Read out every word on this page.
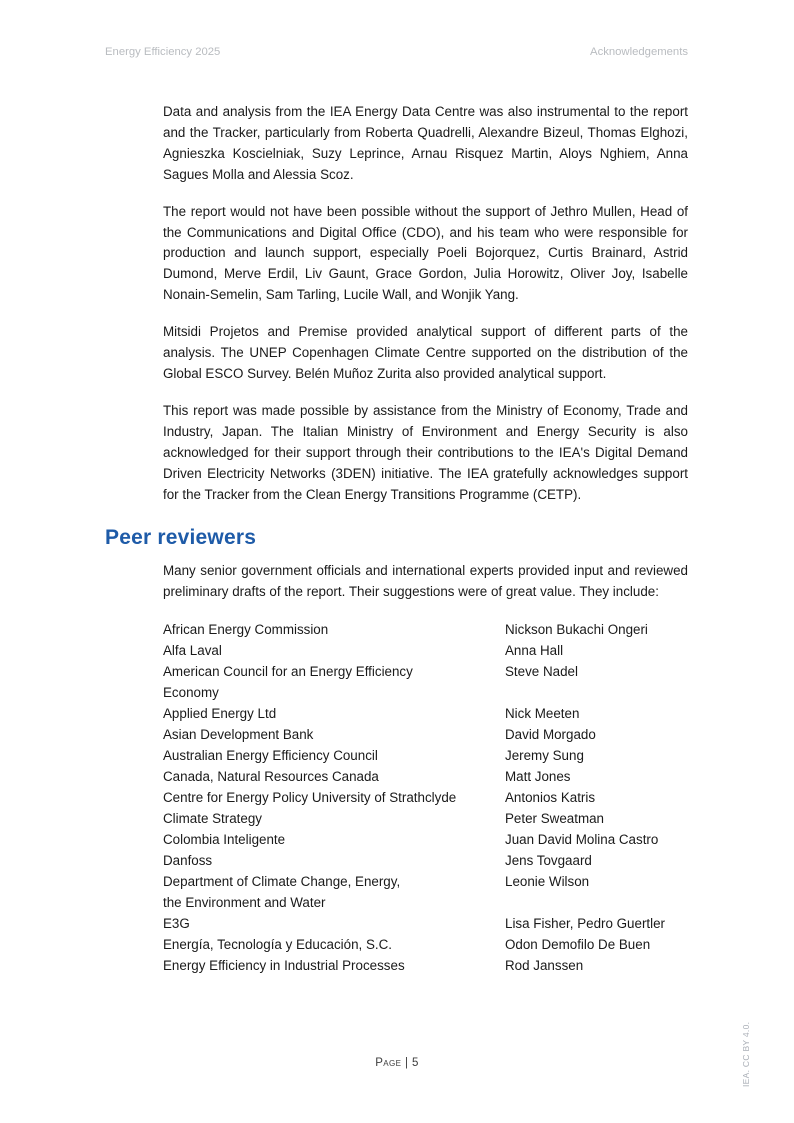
Energy Efficiency 2025	Acknowledgements

Data and analysis from the IEA Energy Data Centre was also instrumental to the report and the Tracker, particularly from Roberta Quadrelli, Alexandre Bizeul, Thomas Elghozi, Agnieszka Koscielniak, Suzy Leprince, Arnau Risquez Martin, Aloys Nghiem, Anna Sagues Molla and Alessia Scoz.

The report would not have been possible without the support of Jethro Mullen, Head of the Communications and Digital Office (CDO), and his team who were responsible for production and launch support, especially Poeli Bojorquez, Curtis Brainard, Astrid Dumond, Merve Erdil, Liv Gaunt, Grace Gordon, Julia Horowitz, Oliver Joy, Isabelle Nonain-Semelin, Sam Tarling, Lucile Wall, and Wonjik Yang.

Mitsidi Projetos and Premise provided analytical support of different parts of the analysis. The UNEP Copenhagen Climate Centre supported on the distribution of the Global ESCO Survey. Belén Muñoz Zurita also provided analytical support.

This report was made possible by assistance from the Ministry of Economy, Trade and Industry, Japan. The Italian Ministry of Environment and Energy Security is also acknowledged for their support through their contributions to the IEA's Digital Demand Driven Electricity Networks (3DEN) initiative. The IEA gratefully acknowledges support for the Tracker from the Clean Energy Transitions Programme (CETP).

Peer reviewers

Many senior government officials and international experts provided input and reviewed preliminary drafts of the report. Their suggestions were of great value. They include:

African Energy Commission	Nickson Bukachi Ongeri
Alfa Laval	Anna Hall
American Council for an Energy Efficiency	Steve Nadel
Economy
Applied Energy Ltd	Nick Meeten
Asian Development Bank	David Morgado
Australian Energy Efficiency Council	Jeremy Sung
Canada, Natural Resources Canada	Matt Jones
Centre for Energy Policy University of Strathclyde	Antonios Katris
Climate Strategy	Peter Sweatman
Colombia Inteligente	Juan David Molina Castro
Danfoss	Jens Tovgaard
Department of Climate Change, Energy,	Leonie Wilson
the Environment and Water
E3G	Lisa Fisher, Pedro Guertler
Energía, Tecnología y Educación, S.C.	Odon Demofilo De Buen
Energy Efficiency in Industrial Processes	Rod Janssen
Page | 5	IEA. CC BY 4.0.
